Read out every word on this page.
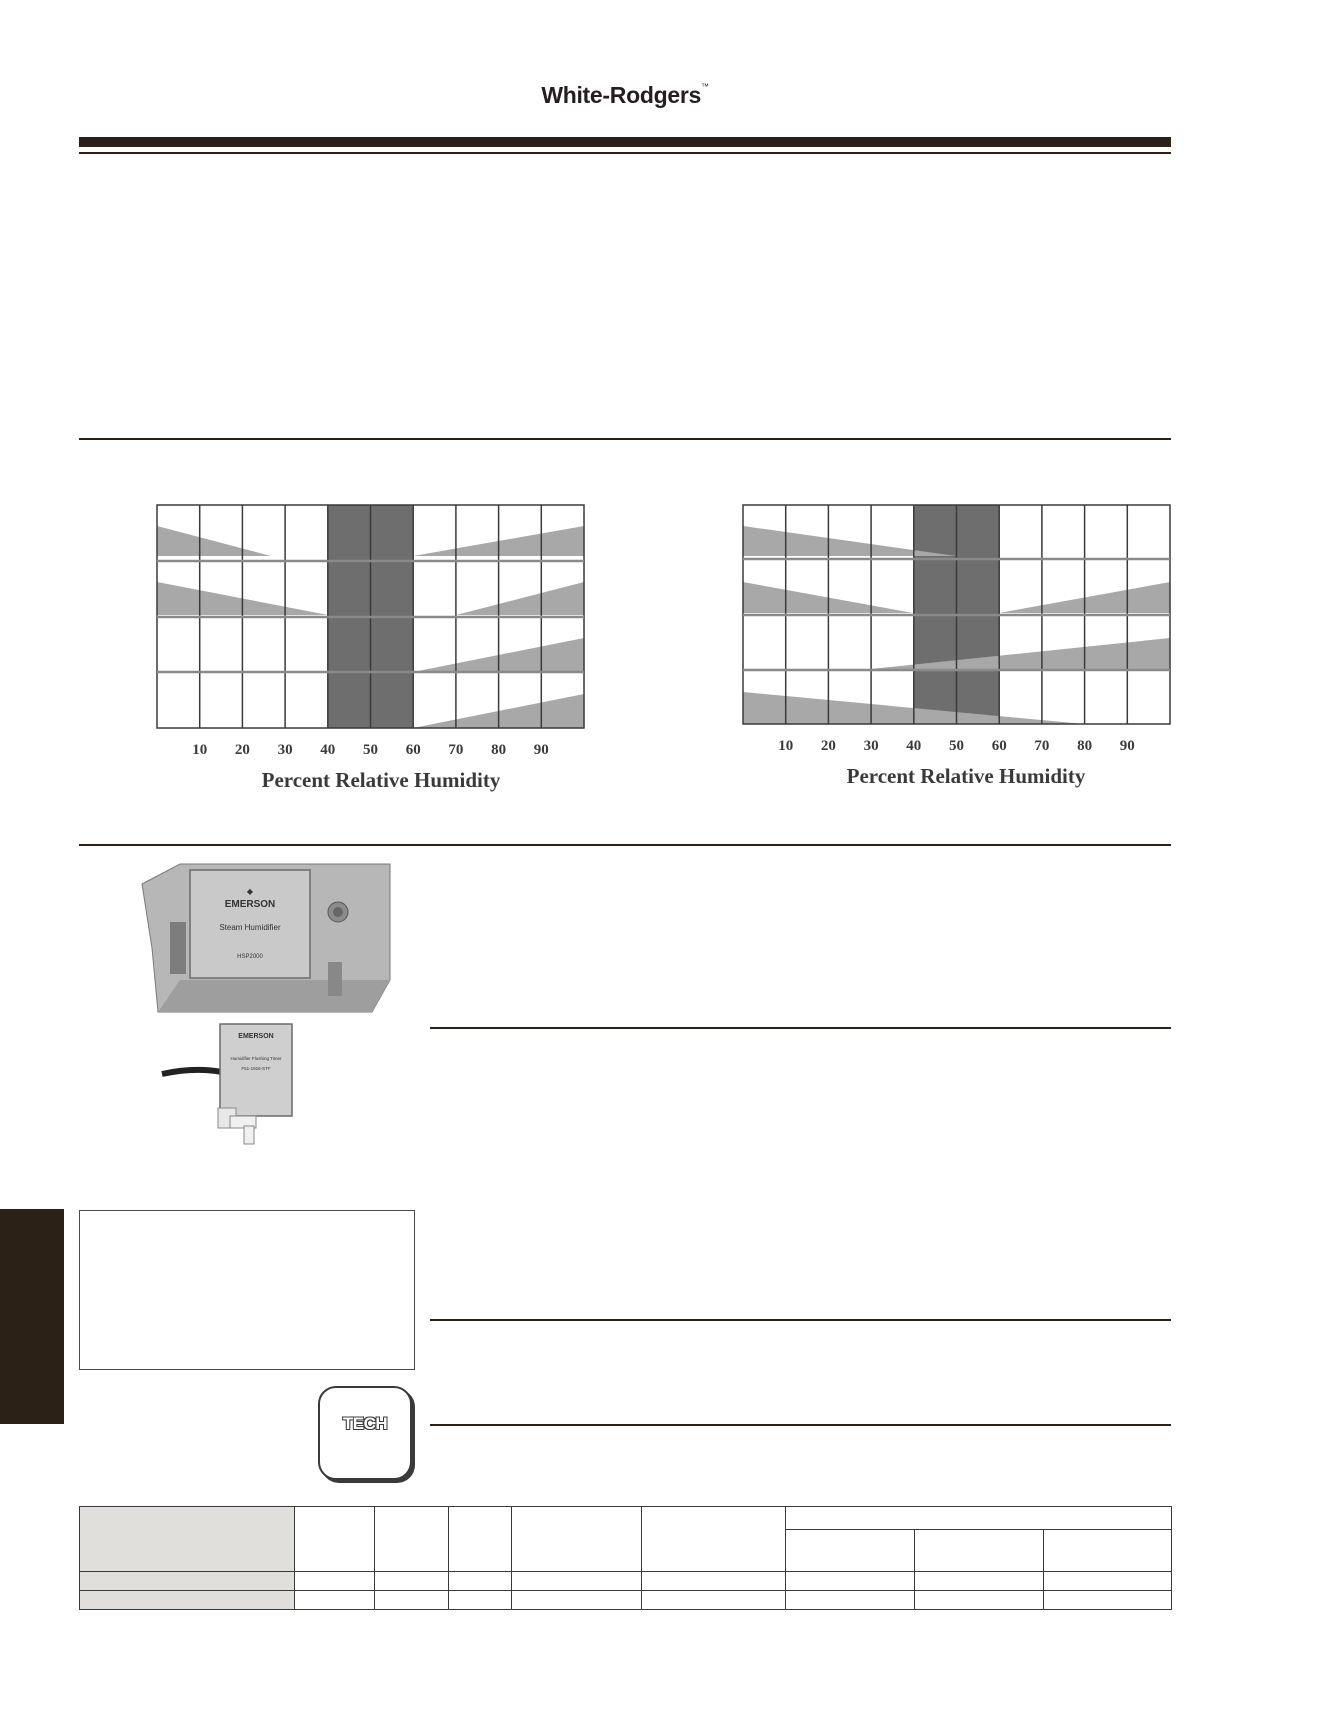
White-Rodgers™
10 20 30 40 50 60 70 80 90
Percent Relative Humidity
10 20 30 40 50 60 70 80 90
Percent Relative Humidity
◆
EMERSON
Steam Humidifier
HSP2000
EMERSON
Humidifier Flushing Timer
F51-1916-STF
TECH
